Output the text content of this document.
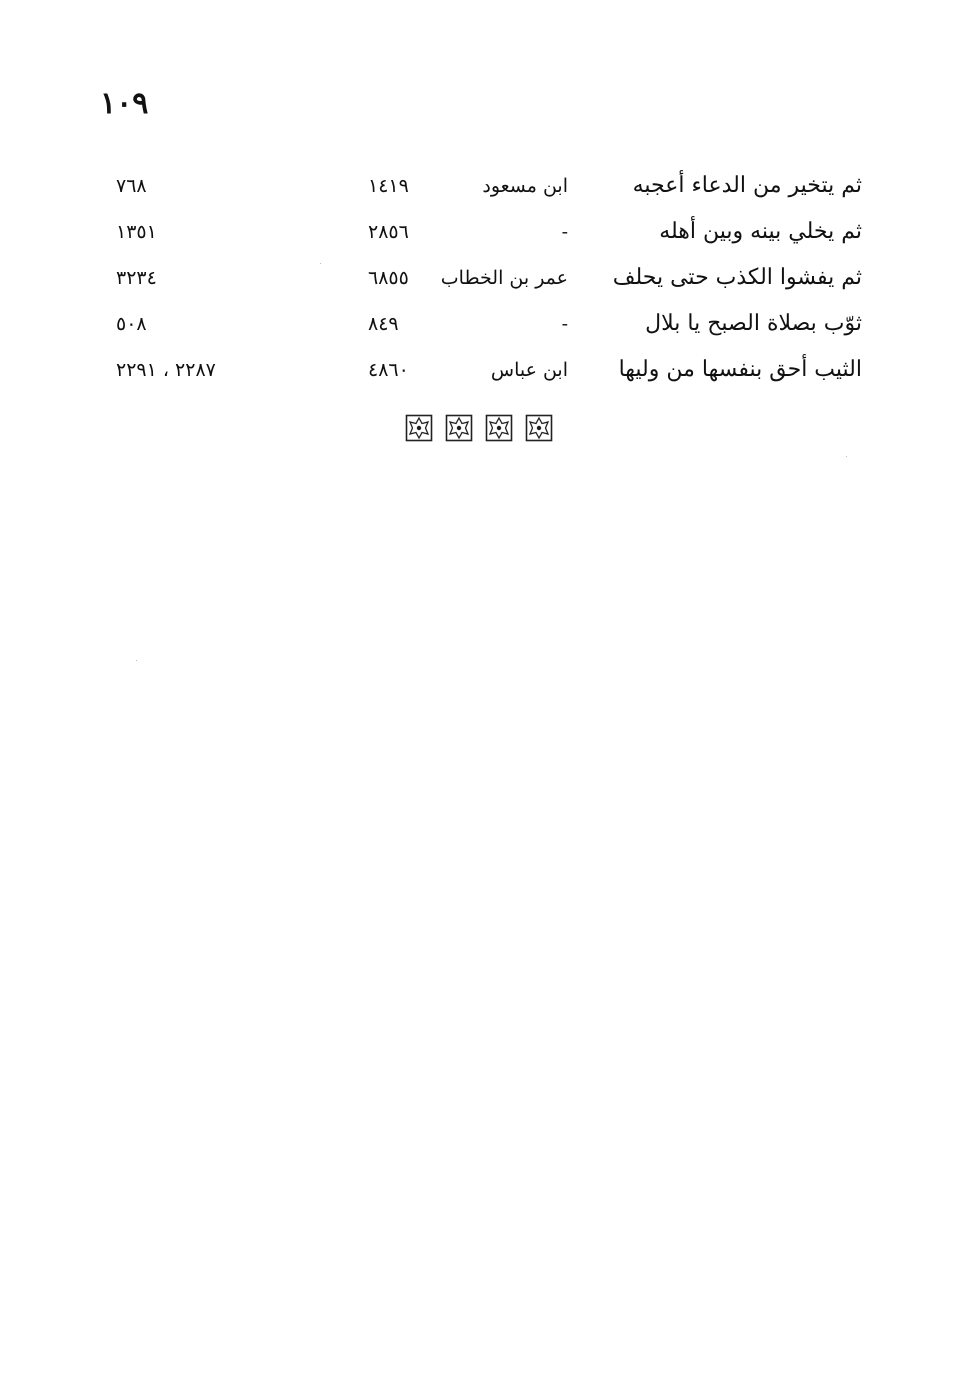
١٠٩
ثم يتخير من الدعاء أعجبه
ابن مسعود
١٤١٩
٧٦٨
ثم يخلي بينه وبين أهله
-
٢٨٥٦
١٣٥١
ثم يفشوا الكذب حتى يحلف
عمر بن الخطاب
٦٨٥٥
٣٢٣٤
ثوّب بصلاة الصبح يا بلال
-
٨٤٩
٥٠٨
الثيب أحق بنفسها من وليها
ابن عباس
٤٨٦٠
٢٢٨٧ ، ٢٢٩١
